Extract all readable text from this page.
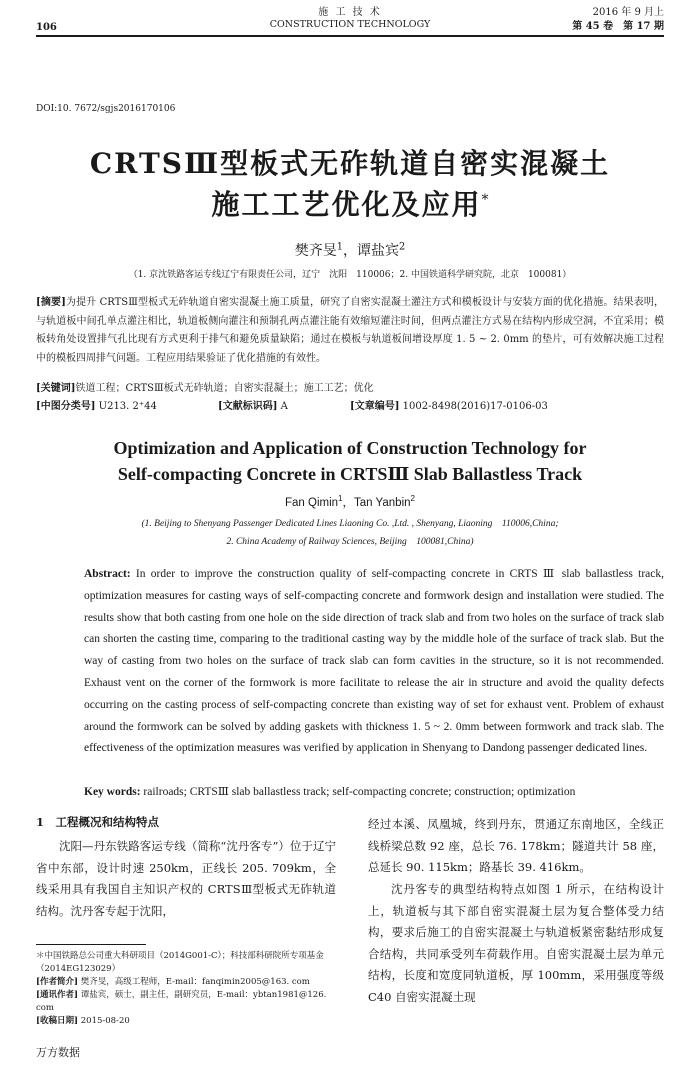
施 工 技 术
CONSTRUCTION TECHNOLOGY
106
2016 年 9 月上
第 45 卷　第 17 期
DOI:10. 7672/sgjs2016170106
CRTSⅢ型板式无砟轨道自密实混凝土
施工工艺优化及应用*
樊齐旻$^1$，谭盐宾$^2$
（1. 京沈铁路客运专线辽宁有限责任公司，辽宁　沈阳　110006；2. 中国铁道科学研究院，北京　100081）
[摘要]为提升 CRTSⅢ型板式无砟轨道自密实混凝土施工质量，研究了自密实混凝土灌注方式和模板设计与安装方面的优化措施。结果表明，与轨道板中间孔单点灌注相比，轨道板侧向灌注和预制孔两点灌注能有效缩短灌注时间，但两点灌注方式易在结构内形成空洞，不宜采用；模板转角处设置排气孔比现有方式更利于排气和避免质量缺陷；通过在模板与轨道板间增设厚度 1. 5 ~ 2. 0mm 的垫片，可有效解决施工过程中的模板四周排气问题。工程应用结果验证了优化措施的有效性。
[关键词]铁道工程；CRTSⅢ板式无砟轨道；自密实混凝土；施工工艺；优化
[中图分类号] U213. 2⁺44	[文献标识码] A	[文章编号] 1002-8498(2016)17-0106-03
Optimization and Application of Construction Technology for
Self-compacting Concrete in CRTSⅢ Slab Ballastless Track
Fan Qimin$^1$，Tan Yanbin$^2$
(1. Beijing to Shenyang Passenger Dedicated Lines Liaoning Co. ,Ltd. , Shenyang, Liaoning　110006,China;
2. China Academy of Railway Sciences, Beijing　100081,China)
Abstract: In order to improve the construction quality of self-compacting concrete in CRTS Ⅲ slab ballastless track, optimization measures for casting ways of self-compacting concrete and formwork design and installation were studied. The results show that both casting from one hole on the side direction of track slab and from two holes on the surface of track slab can shorten the casting time, comparing to the traditional casting way by the middle hole of the surface of track slab. But the way of casting from two holes on the surface of track slab can form cavities in the structure, so it is not recommended. Exhaust vent on the corner of the formwork is more facilitate to release the air in structure and avoid the quality defects occurring on the casting process of self-compacting concrete than existing way of set for exhaust vent. Problem of exhaust around the formwork can be solved by adding gaskets with thickness 1. 5 ~ 2. 0mm between formwork and track slab. The effectiveness of the optimization measures was verified by application in Shenyang to Dandong passenger dedicated lines.
Key words: railroads; CRTSⅢ slab ballastless track; self-compacting concrete; construction; optimization
1　工程概况和结构特点
沈阳—丹东铁路客运专线（简称“沈丹客专”）位于辽宁省中东部，设计时速 250km，正线长 205. 709km，全线采用具有我国自主知识产权的 CRTSⅢ型板式无砟轨道结构。沈丹客专起于沈阳，
＊中国铁路总公司重大科研项目（2014G001-C）；科技部科研院所专项基金（2014EG123029）
[作者简介] 樊齐旻，高级工程师，E-mail：fanqimin2005@163. com
[通讯作者] 谭盐宾，硕士，副主任，副研究员，E-mail：ybtan1981@126. com
[收稿日期] 2015-08-20
经过本溪、凤凰城，终到丹东，贯通辽东南地区，全线正线桥梁总数 92 座，总长 76. 178km；隧道共计 58 座，总延长 90. 115km；路基长 39. 416km。
沈丹客专的典型结构特点如图 1 所示，在结构设计上，轨道板与其下部自密实混凝土层为复合整体受力结构，要求后施工的自密实混凝土与轨道板紧密黏结形成复合结构，共同承受列车荷载作用。自密实混凝土层为单元结构，长度和宽度同轨道板，厚 100mm，采用强度等级 C40 自密实混凝土现
万方数据
